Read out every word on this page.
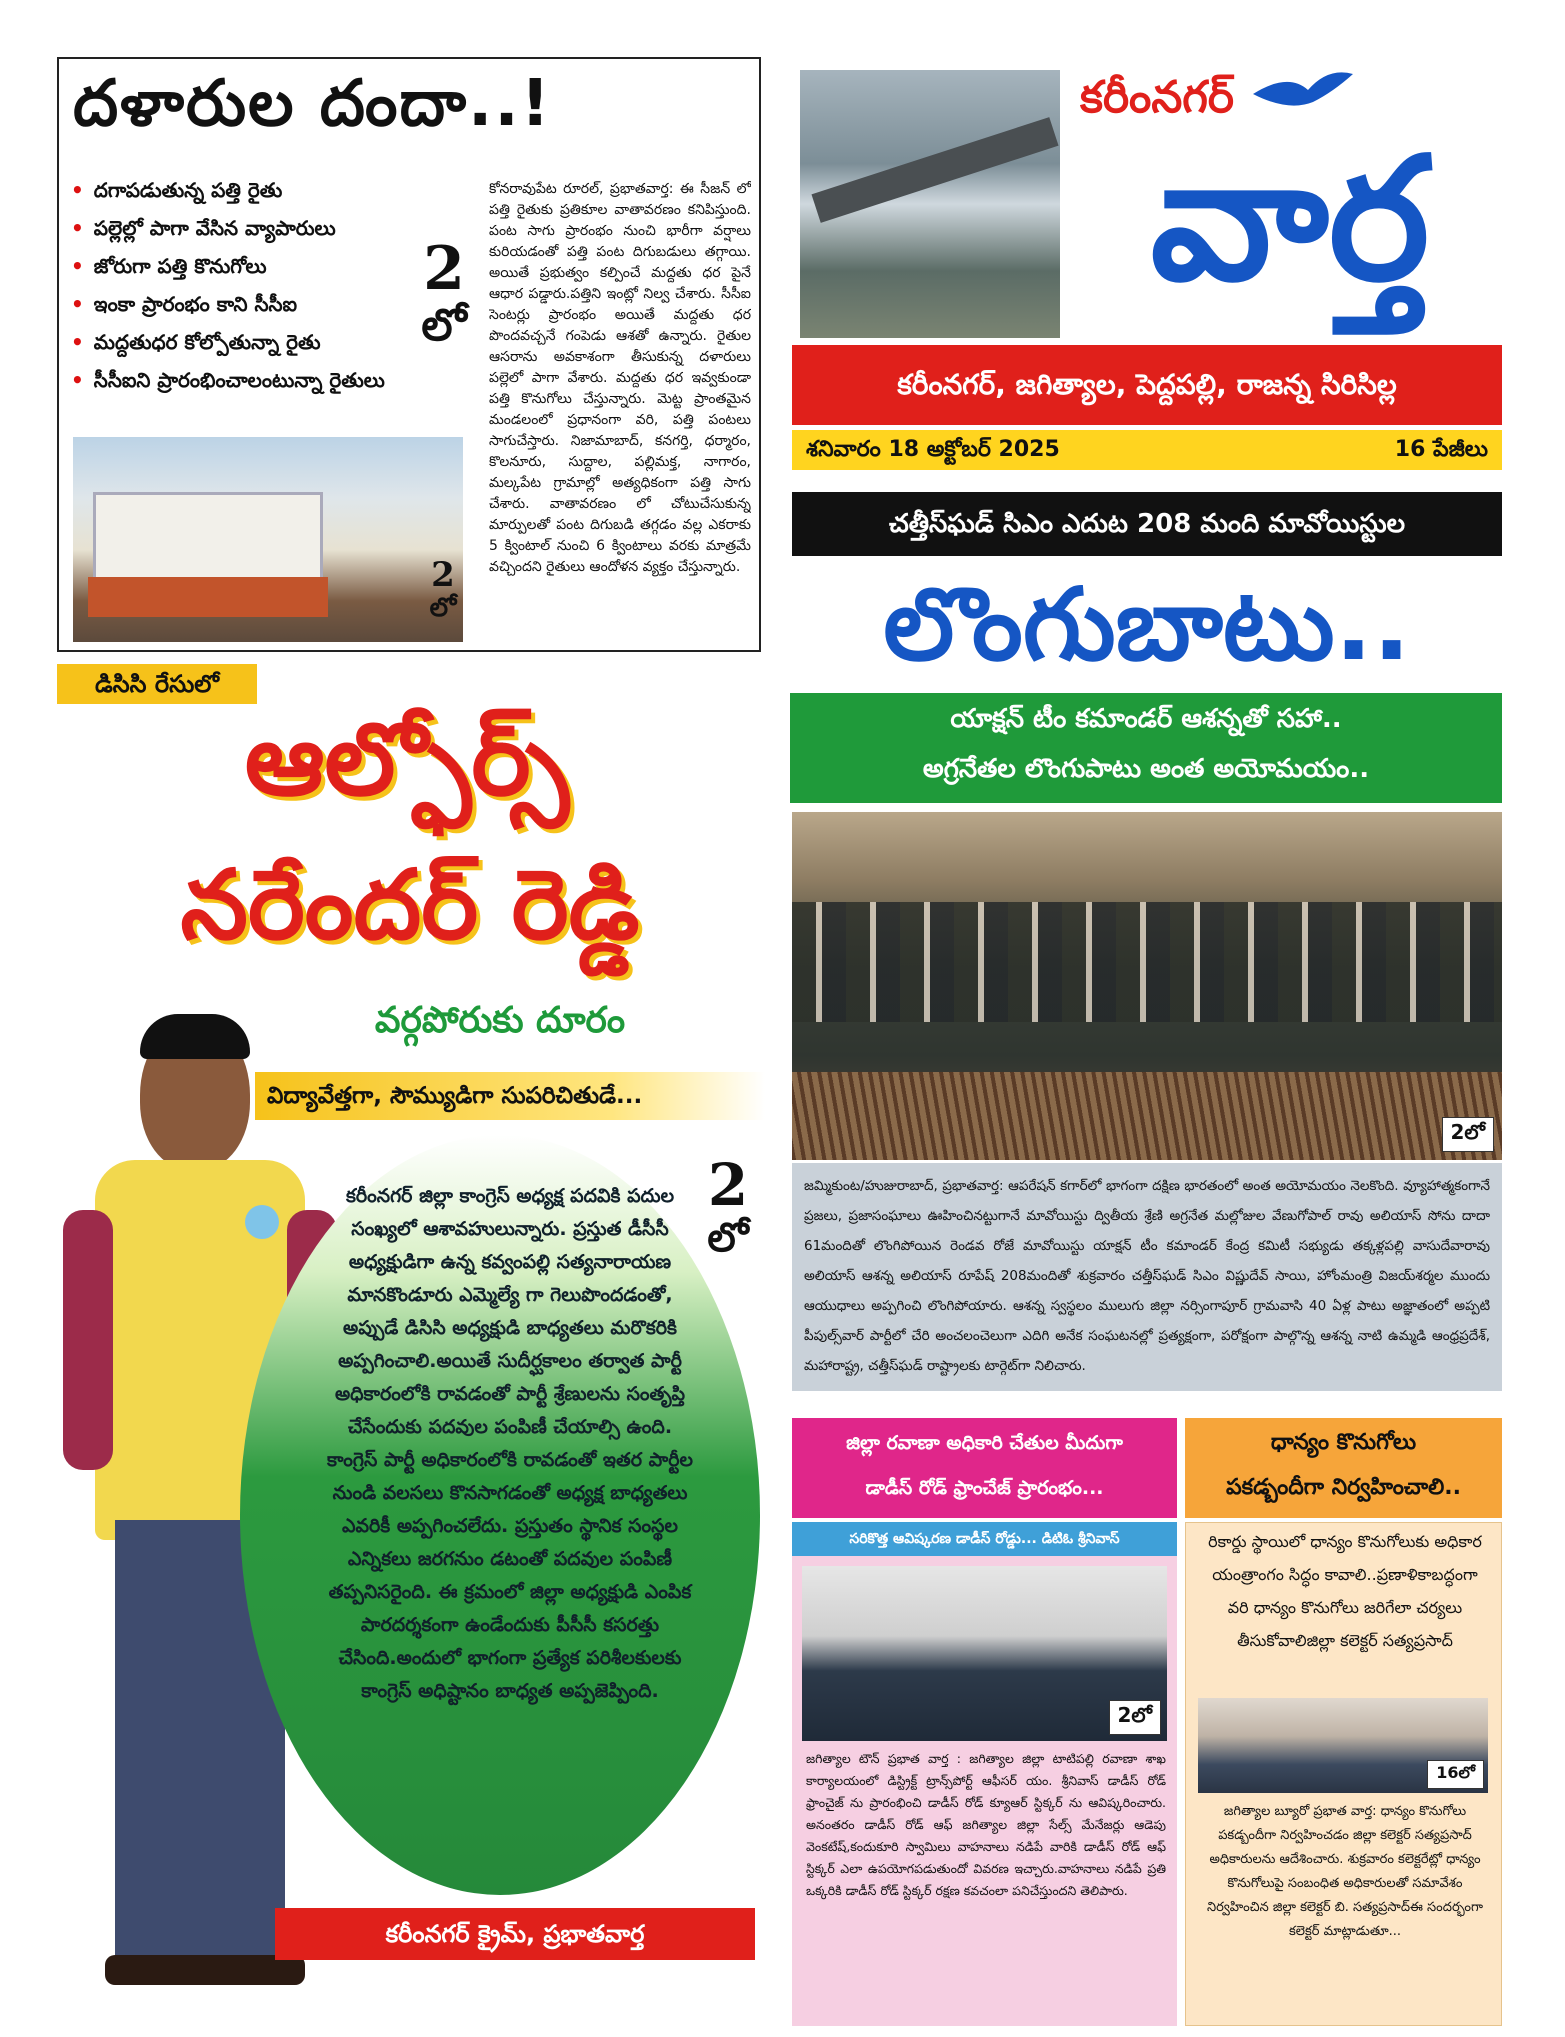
దళారుల దందా..!
• దగాపడుతున్న పత్తి రైతు
• పల్లెల్లో పాగా వేసిన వ్యాపారులు
• జోరుగా పత్తి కొనుగోలు
• ఇంకా ప్రారంభం కాని సీసీఐ
• మద్దతుధర కోల్పోతున్నా రైతు
• సీసీఐని ప్రారంభించాలంటున్నా రైతులు
2
లో
2
లో
కోనరావుపేట రూరల్, ప్రభాతవార్త: ఈ సీజన్ లో పత్తి రైతుకు ప్రతికూల వాతావరణం కనిపిస్తుంది. పంట సాగు ప్రారంభం నుంచి భారీగా వర్షాలు కురియడంతో పత్తి పంట దిగుబడులు తగ్గాయి. అయితే ప్రభుత్వం కల్పించే మద్దతు ధర పైనే ఆధార పడ్డారు.పత్తిని ఇంట్లో నిల్వ చేశారు. సీసీఐ సెంటర్లు ప్రారంభం అయితే మద్దతు ధర పొందవచ్చనే గంపెడు ఆశతో ఉన్నారు. రైతుల ఆసరాను అవకాశంగా తీసుకున్న దళారులు పల్లెలో పాగా వేశారు. మద్దతు ధర ఇవ్వకుండా పత్తి కొనుగోలు చేస్తున్నారు. మెట్ట ప్రాంతమైన మండలంలో ప్రధానంగా వరి, పత్తి పంటలు సాగుచేస్తారు. నిజామాబాద్, కనగర్తి, ధర్మారం, కొలనూరు, సుద్దాల, పల్లిమక్త, నాగారం, మల్కపేట గ్రామాల్లో అత్యధికంగా పత్తి సాగు చేశారు. వాతావరణం లో చోటుచేసుకున్న మార్పులతో పంట దిగుబడి తగ్గడం వల్ల ఎకరాకు 5 క్వింటాల్ నుంచి 6 క్వింటాలు వరకు మాత్రమే వచ్చిందని రైతులు ఆందోళన వ్యక్తం చేస్తున్నారు.
డిసిసి రేసులో
ఆల్ఫోర్స్
నరేందర్ రెడ్డి
వర్గపోరుకు దూరం
విద్యావేత్తగా, సౌమ్యుడిగా సుపరిచితుడే...
2
లో
కరీంనగర్ జిల్లా కాంగ్రెస్ అధ్యక్ష పదవికి పదుల సంఖ్యలో ఆశావహులున్నారు. ప్రస్తుత డీసీసీ అధ్యక్షుడిగా ఉన్న కవ్వంపల్లి సత్యనారాయణ మానకొండూరు ఎమ్మెల్యే గా గెలుపొందడంతో, అప్పుడే డిసిసి అధ్యక్షుడి బాధ్యతలు మరొకరికి అప్పగించాలి.అయితే సుదీర్ఘకాలం తర్వాత పార్టీ అధికారంలోకి రావడంతో పార్టీ శ్రేణులను సంతృప్తి చేసేందుకు పదవుల పంపిణీ చేయాల్సి ఉంది. కాంగ్రెస్ పార్టీ అధికారంలోకి రావడంతో ఇతర పార్టీల నుండి వలసలు కొనసాగడంతో అధ్యక్ష బాధ్యతలు ఎవరికీ అప్పగించలేదు. ప్రస్తుతం స్థానిక సంస్థల ఎన్నికలు జరగనుం డటంతో పదవుల పంపిణీ తప్పనిసరైంది. ఈ క్రమంలో జిల్లా అధ్యక్షుడి ఎంపిక పారదర్శకంగా ఉండేందుకు పీసీసీ కసరత్తు చేసింది.అందులో భాగంగా ప్రత్యేక పరిశీలకులకు కాంగ్రెస్ అధిష్టానం బాధ్యత అప్పజెప్పింది.
కరీంనగర్ క్రైమ్, ప్రభాతవార్త
కరీంనగర్
వార్త
కరీంనగర్, జగిత్యాల, పెద్దపల్లి, రాజన్న సిరిసిల్ల
శనివారం 18 అక్టోబర్ 2025	16 పేజీలు
చత్తీస్‌ఘడ్ సిఎం ఎదుట 208 మంది మావోయిస్టుల
లొంగుబాటు..
యాక్షన్ టీం కమాండర్ ఆశన్నతో సహా..
అగ్రనేతల లొంగుపాటు అంత అయోమయం..
2లో
జమ్మికుంట/హుజురాబాద్, ప్రభాతవార్త: ఆపరేషన్ కగార్‌లో భాగంగా దక్షిణ భారతంలో అంత అయోమయం నెలకొంది. వ్యూహాత్మకంగానే ప్రజలు, ప్రజాసంఘాలు ఊహించినట్టుగానే మావోయిస్టు ద్వితీయ శ్రేణి అగ్రనేత మల్లోజుల వేణుగోపాల్ రావు అలియాస్ సోను దాదా 61మందితో లొంగిపోయిన రెండవ రోజే మావోయిస్టు యాక్షన్ టీం కమాండర్ కేంద్ర కమిటీ సభ్యుడు తక్కళ్లపల్లి వాసుదేవారావు అలియాస్ ఆశన్న అలియాస్ రూపేష్ 208మందితో శుక్రవారం చత్తీస్‌ఘడ్ సిఎం విష్ణుదేవ్ సాయి, హోంమంత్రి విజయ్‌శర్మల ముందు ఆయుధాలు అప్పగించి లొంగిపోయారు. ఆశన్న స్వస్థలం ములుగు జిల్లా నర్సింగాపూర్ గ్రామవాసి 40 ఏళ్ల పాటు అజ్ఞాతంలో అప్పటి పీపుల్స్‌వార్ పార్టీలో చేరి అంచలంచెలుగా ఎదిగి అనేక సంఘటనల్లో ప్రత్యక్షంగా, పరోక్షంగా పాల్గొన్న ఆశన్న నాటి ఉమ్మడి ఆంధ్రప్రదేశ్, మహారాష్ట్ర, చత్తీస్‌ఘడ్ రాష్ట్రాలకు టార్గెట్‌గా నిలిచారు.
జిల్లా రవాణా అధికారి చేతుల మీదుగా
డాడీస్ రోడ్ ఫ్రాంచేజ్ ప్రారంభం...
సరికొత్త ఆవిష్కరణ డాడీస్ రోడ్డు... డిటిఓ శ్రీనివాస్
2లో
జగిత్యాల టౌన్ ప్రభాత వార్త : జగిత్యాల జిల్లా టాటిపల్లి రవాణా శాఖ కార్యాలయంలో డిస్ట్రిక్ట్ ట్రాన్స్‌పోర్ట్ ఆఫీసర్ యం. శ్రీనివాస్ డాడీస్ రోడ్ ఫ్రాంచైజ్ ను ప్రారంభించి డాడీస్ రోడ్ క్యూఆర్ స్టిక్కర్ ను ఆవిష్కరించారు. అనంతరం డాడీస్ రోడ్ ఆఫ్ జగిత్యాల జిల్లా సేల్స్ మేనేజర్లు ఆడెపు వెంకటేష్,కందుకూరి స్వామిలు వాహనాలు నడిపే వారికి డాడీస్ రోడ్ ఆఫ్ స్టిక్కర్ ఎలా ఉపయోగపడుతుందో వివరణ ఇచ్చారు.వాహనాలు నడిపే ప్రతి ఒక్కరికి డాడీస్ రోడ్ స్టిక్కర్ రక్షణ కవచంలా పనిచేస్తుందని తెలిపారు.
ధాన్యం కొనుగోలు
పకడ్బందీగా నిర్వహించాలి..
రికార్డు స్థాయిలో ధాన్యం కొనుగోలుకు అధికార యంత్రాంగం సిద్ధం కావాలి..ప్రణాళికాబద్ధంగా వరి ధాన్యం కొనుగోలు జరిగేలా చర్యలు తీసుకోవాలిజిల్లా కలెక్టర్ సత్యప్రసాద్
16లో
జగిత్యాల బ్యూరో ప్రభాత వార్త: ధాన్యం కొనుగోలు పకడ్బందీగా నిర్వహించడం జిల్లా కలెక్టర్ సత్యప్రసాద్ అధికారులను ఆదేశించారు. శుక్రవారం కలెక్టరేట్లో ధాన్యం కొనుగోలుపై సంబంధిత అధికారులతో సమావేశం నిర్వహించిన జిల్లా కలెక్టర్ బి. సత్యప్రసాద్ఈ సందర్భంగా కలెక్టర్ మాట్లాడుతూ...
